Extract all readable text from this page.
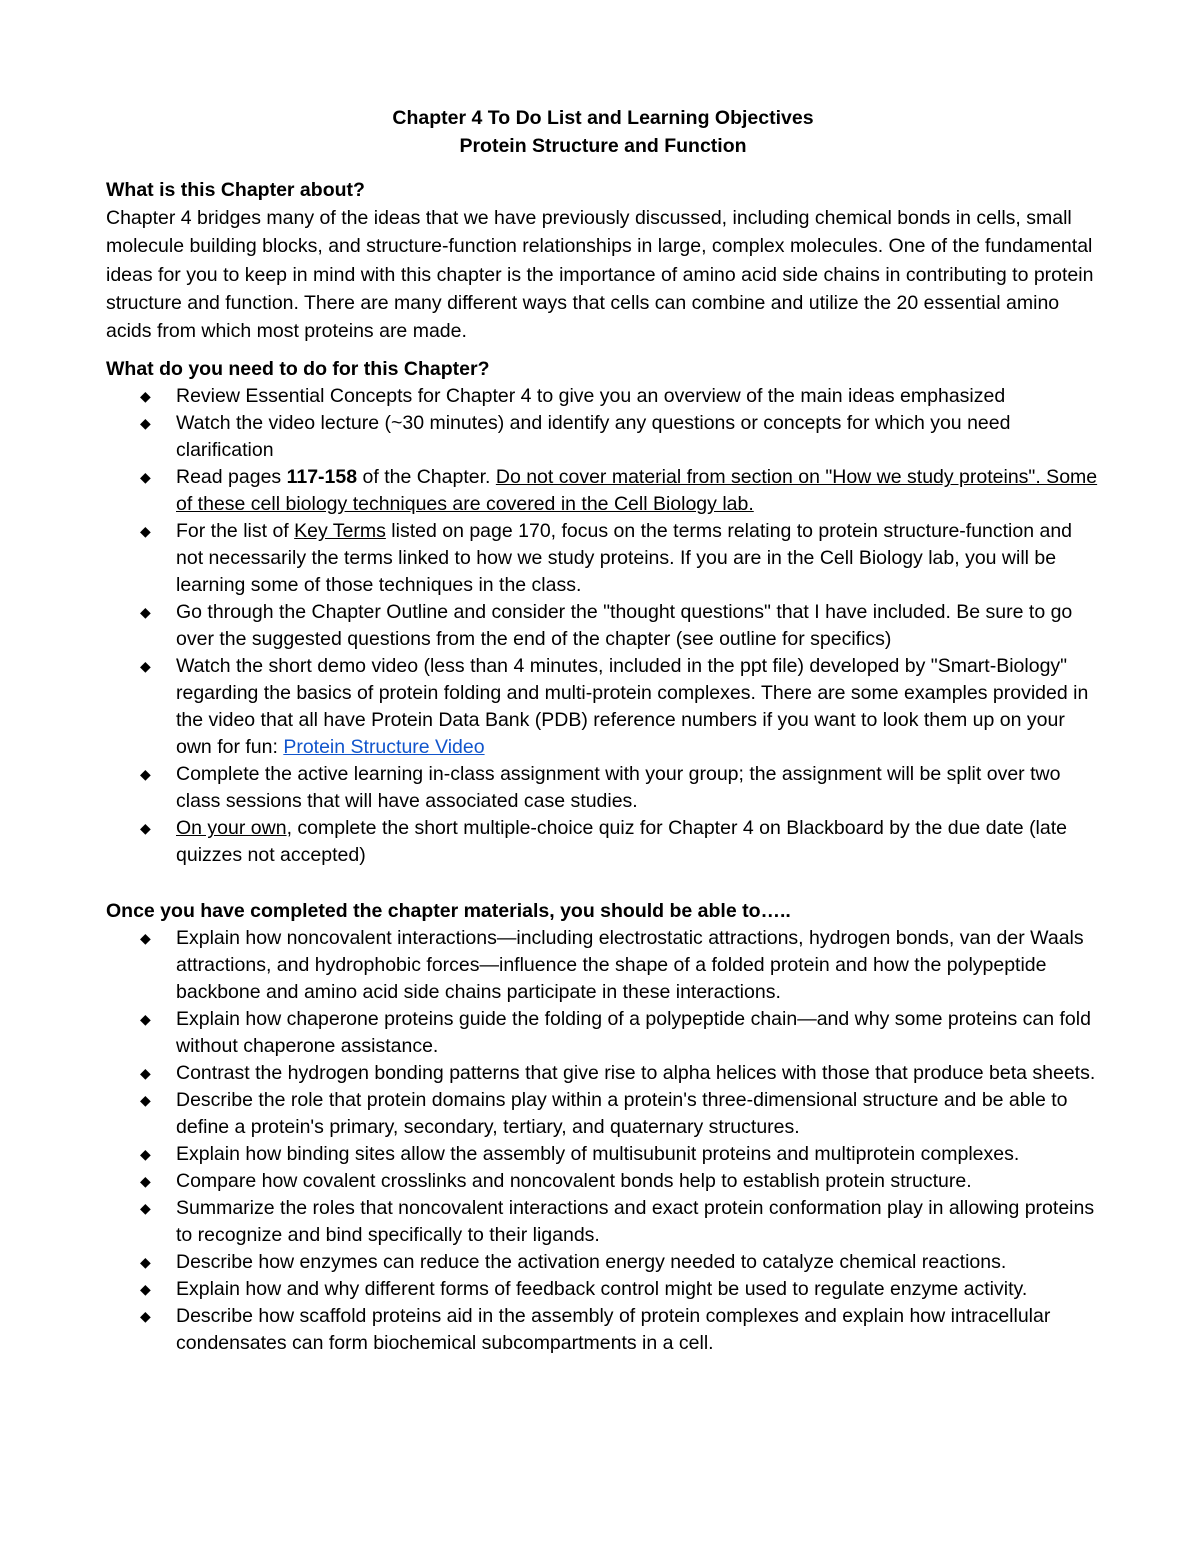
Chapter 4 To Do List and Learning Objectives
Protein Structure and Function
What is this Chapter about?

Chapter 4 bridges many of the ideas that we have previously discussed, including chemical bonds in cells, small molecule building blocks, and structure-function relationships in large, complex molecules. One of the fundamental ideas for you to keep in mind with this chapter is the importance of amino acid side chains in contributing to protein structure and function. There are many different ways that cells can combine and utilize the 20 essential amino acids from which most proteins are made.

What do you need to do for this Chapter?
◆ Review Essential Concepts for Chapter 4 to give you an overview of the main ideas emphasized
◆ Watch the video lecture (~30 minutes) and identify any questions or concepts for which you need clarification
◆ Read pages 117-158 of the Chapter. Do not cover material from section on "How we study proteins". Some of these cell biology techniques are covered in the Cell Biology lab.
◆ For the list of Key Terms listed on page 170, focus on the terms relating to protein structure-function and not necessarily the terms linked to how we study proteins. If you are in the Cell Biology lab, you will be learning some of those techniques in the class.
◆ Go through the Chapter Outline and consider the "thought questions" that I have included. Be sure to go over the suggested questions from the end of the chapter (see outline for specifics)
◆ Watch the short demo video (less than 4 minutes, included in the ppt file) developed by "Smart-Biology" regarding the basics of protein folding and multi-protein complexes. There are some examples provided in the video that all have Protein Data Bank (PDB) reference numbers if you want to look them up on your own for fun: Protein Structure Video
◆ Complete the active learning in-class assignment with your group; the assignment will be split over two class sessions that will have associated case studies.
◆ On your own, complete the short multiple-choice quiz for Chapter 4 on Blackboard by the due date (late quizzes not accepted)
Once you have completed the chapter materials, you should be able to…..
◆ Explain how noncovalent interactions—including electrostatic attractions, hydrogen bonds, van der Waals attractions, and hydrophobic forces—influence the shape of a folded protein and how the polypeptide backbone and amino acid side chains participate in these interactions.
◆ Explain how chaperone proteins guide the folding of a polypeptide chain—and why some proteins can fold without chaperone assistance.
◆ Contrast the hydrogen bonding patterns that give rise to alpha helices with those that produce beta sheets.
◆ Describe the role that protein domains play within a protein's three-dimensional structure and be able to define a protein's primary, secondary, tertiary, and quaternary structures.
◆ Explain how binding sites allow the assembly of multisubunit proteins and multiprotein complexes.
◆ Compare how covalent crosslinks and noncovalent bonds help to establish protein structure.
◆ Summarize the roles that noncovalent interactions and exact protein conformation play in allowing proteins to recognize and bind specifically to their ligands.
◆ Describe how enzymes can reduce the activation energy needed to catalyze chemical reactions.
◆ Explain how and why different forms of feedback control might be used to regulate enzyme activity.
◆ Describe how scaffold proteins aid in the assembly of protein complexes and explain how intracellular condensates can form biochemical subcompartments in a cell.
